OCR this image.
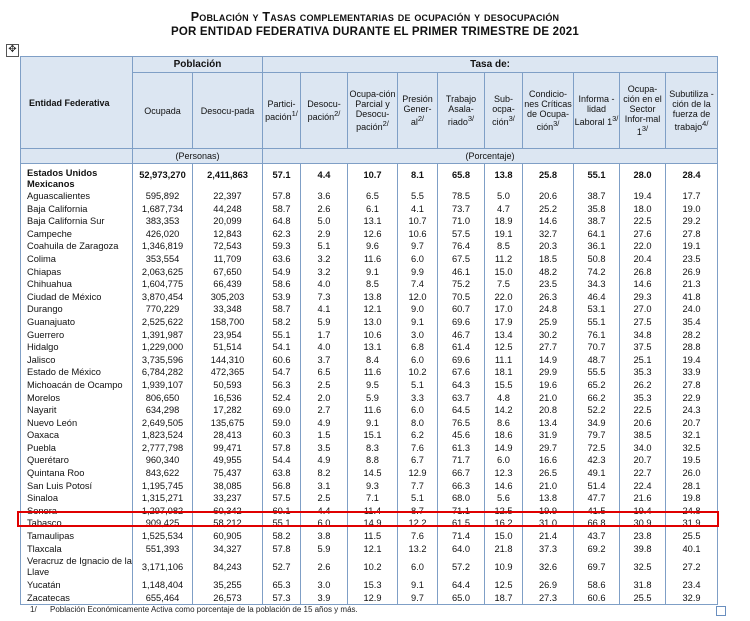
Población y Tasas complementarias de ocupación y desocupación
POR ENTIDAD FEDERATIVA DURANTE EL PRIMER TRIMESTRE DE 2021
✥
Entidad Federativa	Población		Tasa de:									
	Ocupada	Desocu-pada	Partici-pación$^{1/}$	Desocu-pación$^{2/}$	Ocupa-ción Parcial y Desocu-pación$^{2/}$	Presión Gener-$al^{2/}$	Trabajo Asala-riado$^{3/}$	Sub-ocpa-ción$^{3/}$	Condicio-nes Críticas de Ocupa-ción$^{3/}$	Informa -lidad Laboral $1^{3/}$	Ocupa-ción en el Sector Infor-mal $1^{3/}$	Subutiliza -ción de la fuerza de trabajo$^{4/}$
	(Personas)		(Porcentaje)									
Estados Unidos Mexicanos	52,973,270	2,411,863	57.1	4.4	10.7	8.1	65.8	13.8	25.8	55.1	28.0	28.4
Aguascalientes	595,892	22,397	57.8	3.6	6.5	5.5	78.5	5.0	20.6	38.7	19.4	17.7
Baja California	1,687,734	44,248	58.7	2.6	6.1	4.1	73.7	4.7	25.2	35.8	18.0	19.0
Baja California Sur	383,353	20,099	64.8	5.0	13.1	10.7	71.0	18.9	14.6	38.7	22.5	29.2
Campeche	426,020	12,843	62.3	2.9	12.6	10.6	57.5	19.1	32.7	64.1	27.6	27.8
Coahuila de Zaragoza	1,346,819	72,543	59.3	5.1	9.6	9.7	76.4	8.5	20.3	36.1	22.0	19.1
Colima	353,554	11,709	63.6	3.2	11.6	6.0	67.5	11.2	18.5	50.8	20.4	23.5
Chiapas	2,063,625	67,650	54.9	3.2	9.1	9.9	46.1	15.0	48.2	74.2	26.8	26.9
Chihuahua	1,604,775	66,439	58.6	4.0	8.5	7.4	75.2	7.5	23.5	34.3	14.6	21.3
Ciudad de México	3,870,454	305,203	53.9	7.3	13.8	12.0	70.5	22.0	26.3	46.4	29.3	41.8
Durango	770,229	33,348	58.7	4.1	12.1	9.0	60.7	17.0	24.8	53.1	27.0	24.0
Guanajuato	2,525,622	158,700	58.2	5.9	13.0	9.1	69.6	17.9	25.9	55.1	27.5	35.4
Guerrero	1,391,987	23,954	55.1	1.7	10.6	3.0	46.7	13.4	30.2	76.1	34.8	28.2
Hidalgo	1,229,000	51,514	54.1	4.0	13.1	6.8	61.4	12.5	27.7	70.7	37.5	28.8
Jalisco	3,735,596	144,310	60.6	3.7	8.4	6.0	69.6	11.1	14.9	48.7	25.1	19.4
Estado de México	6,784,282	472,365	54.7	6.5	11.6	10.2	67.6	18.1	29.9	55.5	35.3	33.9
Michoacán de Ocampo	1,939,107	50,593	56.3	2.5	9.5	5.1	64.3	15.5	19.6	65.2	26.2	27.8
Morelos	806,650	16,536	52.4	2.0	5.9	3.3	63.7	4.8	21.0	66.2	35.3	22.9
Nayarit	634,298	17,282	69.0	2.7	11.6	6.0	64.5	14.2	20.8	52.2	22.5	24.3
Nuevo León	2,649,505	135,675	59.0	4.9	9.1	8.0	76.5	8.6	13.4	34.9	20.6	20.7
Oaxaca	1,823,524	28,413	60.3	1.5	15.1	6.2	45.6	18.6	31.9	79.7	38.5	32.1
Puebla	2,777,798	99,471	57.8	3.5	8.3	7.6	61.3	14.9	29.7	72.5	34.0	32.5
Querétaro	960,340	49,955	54.4	4.9	8.8	6.7	71.7	6.0	16.6	42.3	20.7	19.5
Quintana Roo	843,622	75,437	63.8	8.2	14.5	12.9	66.7	12.3	26.5	49.1	22.7	26.0
San Luis Potosí	1,195,745	38,085	56.8	3.1	9.3	7.7	66.3	14.6	21.0	51.4	22.4	28.1
Sinaloa	1,315,271	33,237	57.5	2.5	7.1	5.1	68.0	5.6	13.8	47.7	21.6	19.8
Sonora	1,297,082	60,342	60.1	4.4	11.4	8.7	71.1	12.5	19.9	41.5	19.4	24.8
Tabasco	909,425	58,212	55.1	6.0	14.9	12.2	61.5	16.2	31.0	66.8	30.9	31.9
Tamaulipas	1,525,534	60,905	58.2	3.8	11.5	7.6	71.4	15.0	21.4	43.7	23.8	25.5
Tlaxcala	551,393	34,327	57.8	5.9	12.1	13.2	64.0	21.8	37.3	69.2	39.8	40.1
Veracruz de Ignacio de la Llave	3,171,106	84,243	52.7	2.6	10.2	6.0	57.2	10.9	32.6	69.7	32.5	27.2
Yucatán	1,148,404	35,255	65.3	3.0	15.3	9.1	64.4	12.5	26.9	58.6	31.8	23.4
Zacatecas	655,464	26,573	57.3	3.9	12.9	9.7	65.0	18.7	27.3	60.6	25.5	32.9
1/ Población Económicamente Activa como porcentaje de la población de 15 años y más.
